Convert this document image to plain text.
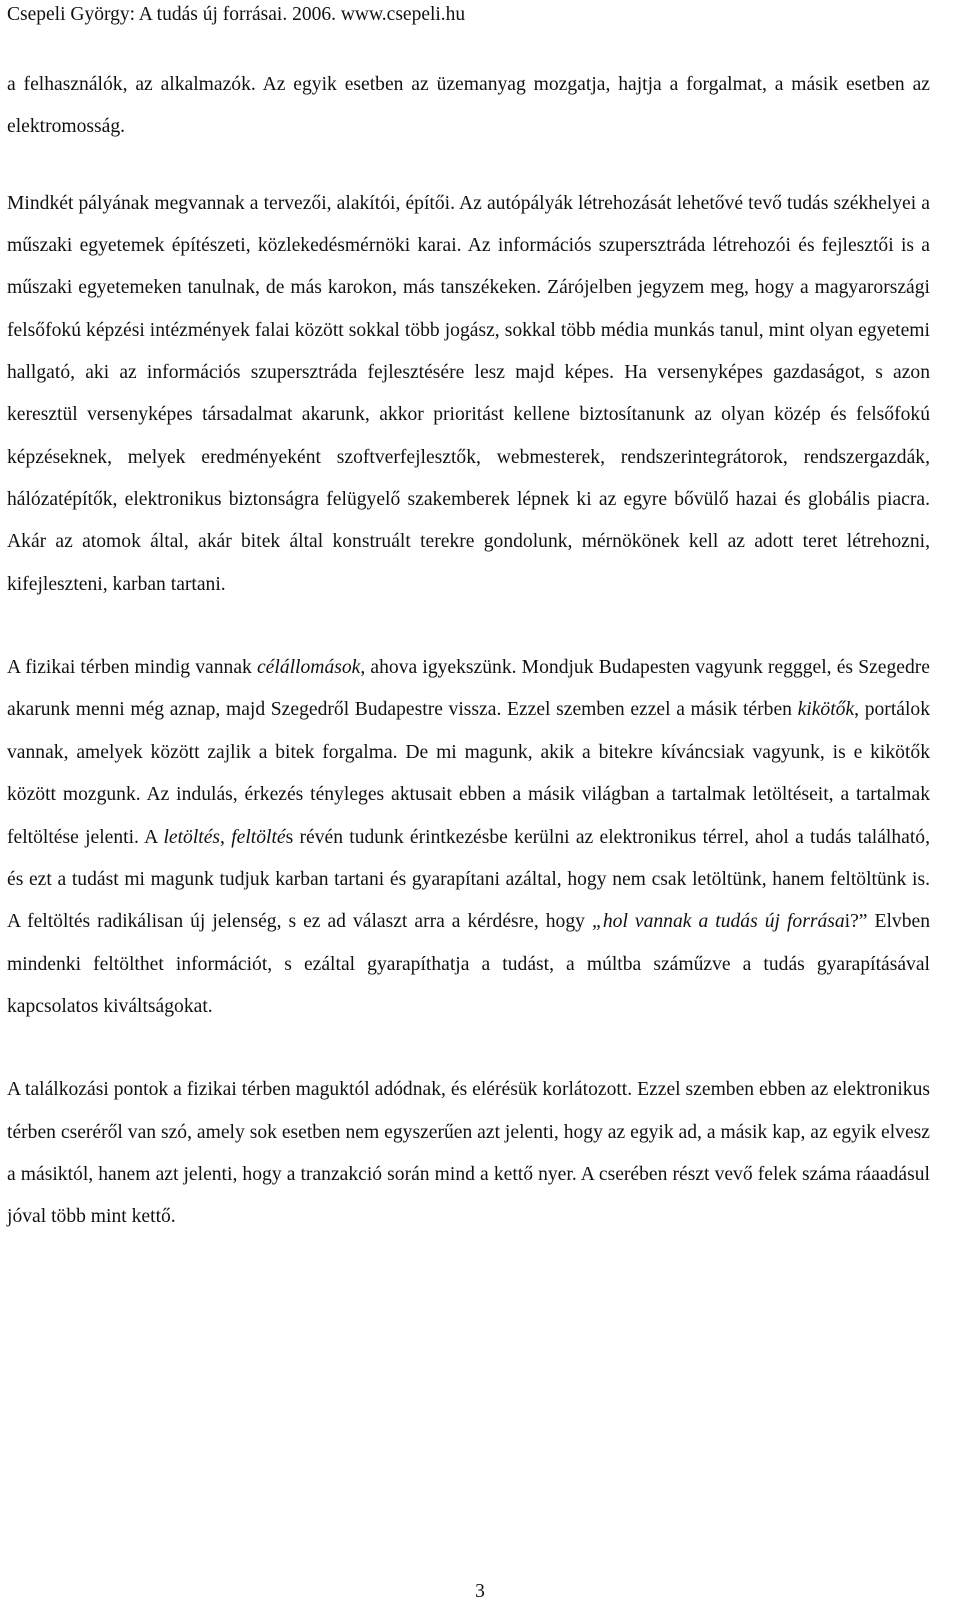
Csepeli György: A tudás új forrásai. 2006. www.csepeli.hu

a felhasználók, az alkalmazók. Az egyik esetben az üzemanyag mozgatja, hajtja a forgalmat, a másik esetben az elektromosság.

Mindkét pályának megvannak a tervezői, alakítói, építői. Az autópályák létrehozását lehetővé tevő tudás székhelyei a műszaki egyetemek építészeti, közlekedésmérnöki karai. Az információs szupersztráda létrehozói és fejlesztői is a műszaki egyetemeken tanulnak, de más karokon, más tanszékeken. Zárójelben jegyzem meg, hogy a magyarországi felsőfokú képzési intézmények falai között sokkal több jogász, sokkal több média munkás tanul, mint olyan egyetemi hallgató, aki az információs szupersztráda fejlesztésére lesz majd képes. Ha versenyképes gazdaságot, s azon keresztül versenyképes társadalmat akarunk, akkor prioritást kellene biztosítanunk az olyan közép és felsőfokú képzéseknek, melyek eredményeként szoftverfejlesztők, webmesterek, rendszerintegrátorok, rendszergazdák, hálózatépítők, elektronikus biztonságra felügyelő szakemberek lépnek ki az egyre bővülő hazai és globális piacra. Akár az atomok által, akár bitek által konstruált terekre gondolunk, mérnökönek kell az adott teret létrehozni, kifejleszteni, karban tartani.

A fizikai térben mindig vannak célállomások, ahova igyekszünk. Mondjuk Budapesten vagyunk regggel, és Szegedre akarunk menni még aznap, majd Szegedről Budapestre vissza. Ezzel szemben ezzel a másik térben kikötők, portálok vannak, amelyek között zajlik a bitek forgalma. De mi magunk, akik a bitekre kíváncsiak vagyunk, is e kikötők között mozgunk. Az indulás, érkezés tényleges aktusait ebben a másik világban a tartalmak letöltéseit, a tartalmak feltöltése jelenti. A letöltés, feltöltés révén tudunk érintkezésbe kerülni az elektronikus térrel, ahol a tudás található, és ezt a tudást mi magunk tudjuk karban tartani és gyarapítani azáltal, hogy nem csak letöltünk, hanem feltöltünk is. A feltöltés radikálisan új jelenség, s ez ad választ arra a kérdésre, hogy „hol vannak a tudás új forrásai?” Elvben mindenki feltölthet információt, s ezáltal gyarapíthatja a tudást, a múltba száműzve a tudás gyarapításával kapcsolatos kiváltságokat.

A találkozási pontok a fizikai térben maguktól adódnak, és elérésük korlátozott. Ezzel szemben ebben az elektronikus térben cseréről van szó, amely sok esetben nem egyszerűen azt jelenti, hogy az egyik ad, a másik kap, az egyik elvesz a másiktól, hanem azt jelenti, hogy a tranzakció során mind a kettő nyer. A cserében részt vevő felek száma ráaadásul jóval több mint kettő.

3
